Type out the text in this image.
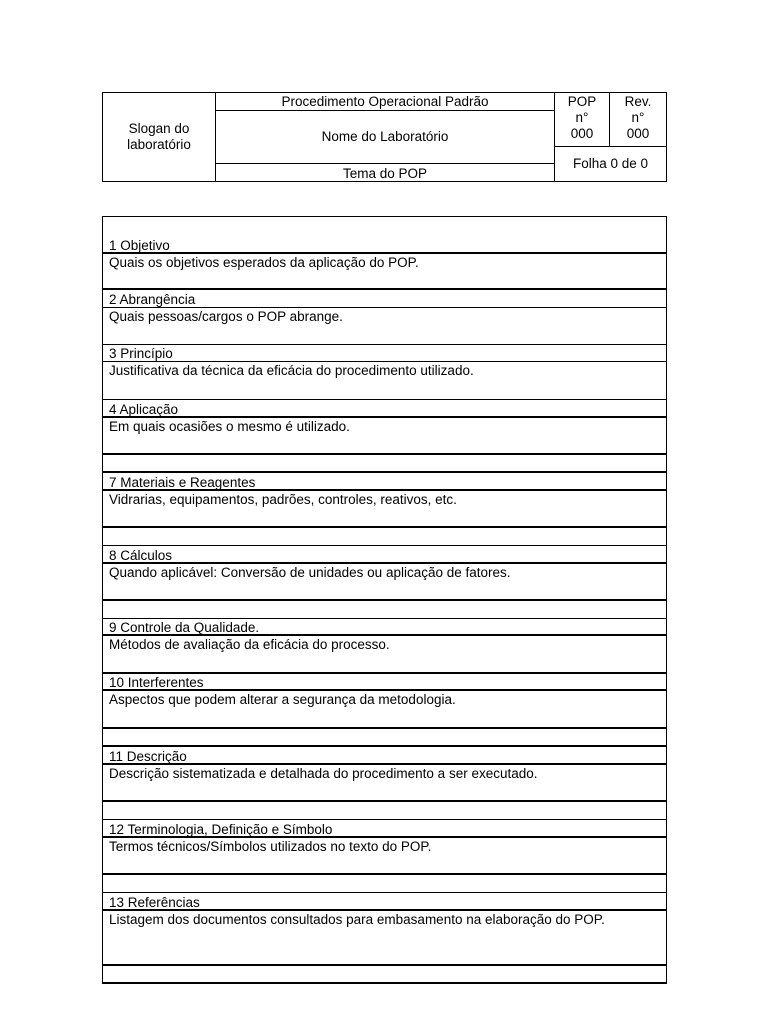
Slogan do laboratório
Procedimento Operacional Padrão
Nome do Laboratório
Tema do POP
POP
n°
000
Rev.
n°
000
Folha 0 de 0
1 Objetivo
Quais os objetivos esperados da aplicação do POP.
2 Abrangência
Quais pessoas/cargos o POP abrange.
3 Princípio
Justificativa da técnica da eficácia do procedimento utilizado.
4 Aplicação
Em quais ocasiões o mesmo é utilizado.
7 Materiais e Reagentes
Vidrarias, equipamentos, padrões, controles, reativos, etc.
8 Cálculos
Quando aplicável: Conversão de unidades ou aplicação de fatores.
9 Controle da Qualidade.
Métodos de avaliação da eficácia do processo.
10 Interferentes
Aspectos que podem alterar a segurança da metodologia.
11 Descrição
Descrição sistematizada e detalhada do procedimento a ser executado.
12 Terminologia, Definição e Símbolo
Termos técnicos/Símbolos utilizados no texto do POP.
13 Referências
Listagem dos documentos consultados para embasamento na elaboração do POP.
